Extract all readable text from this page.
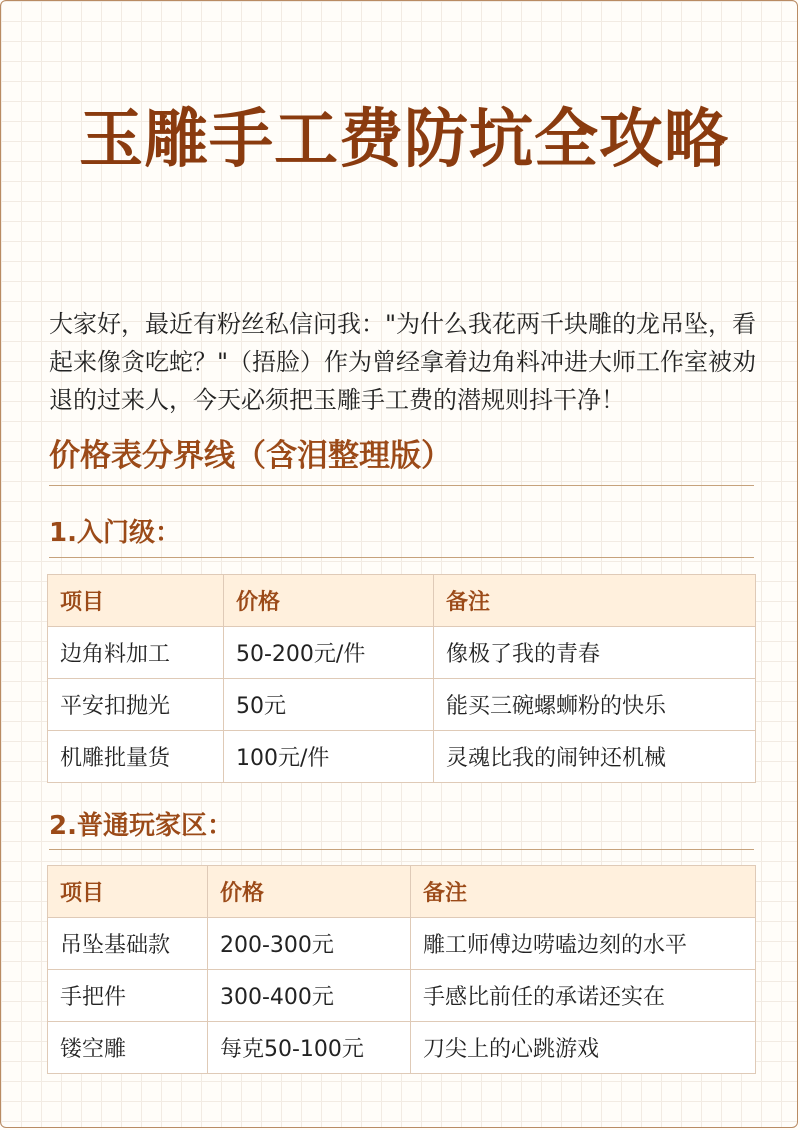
玉雕手工费防坑全攻略

大家好，最近有粉丝私信问我："为什么我花两千块雕的龙吊坠，看起来像贪吃蛇？"（捂脸）作为曾经拿着边角料冲进大师工作室被劝退的过来人，今天必须把玉雕手工费的潜规则抖干净！

价格表分界线（含泪整理版）
1.入门级：
项目	价格	备注
边角料加工	50-200元/件	像极了我的青春
平安扣抛光	50元	能买三碗螺蛳粉的快乐
机雕批量货	100元/件	灵魂比我的闹钟还机械
2.普通玩家区：
项目	价格	备注
吊坠基础款	200-300元	雕工师傅边唠嗑边刻的水平
手把件	300-400元	手感比前任的承诺还实在
镂空雕	每克50-100元	刀尖上的心跳游戏
